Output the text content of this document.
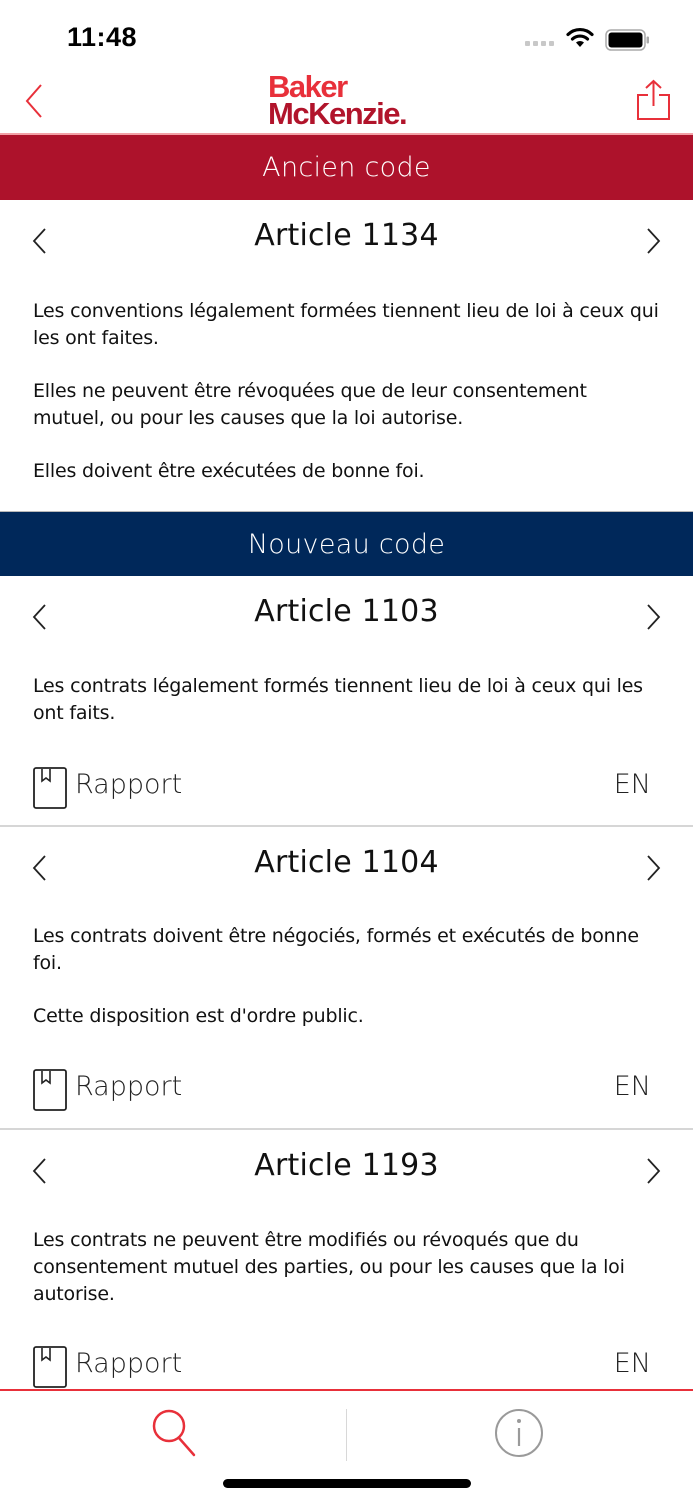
11:48
Baker
McKenzie.
Ancien code
Article 1134

Les conventions légalement formées tiennent lieu de loi à ceux qui les ont faites.

Elles ne peuvent être révoquées que de leur consentement mutuel, ou pour les causes que la loi autorise.

Elles doivent être exécutées de bonne foi.

Nouveau code
Article 1103

Les contrats légalement formés tiennent lieu de loi à ceux qui les ont faits.

Rapport	EN
Article 1104

Les contrats doivent être négociés, formés et exécutés de bonne foi.

Cette disposition est d'ordre public.

Rapport	EN
Article 1193

Les contrats ne peuvent être modifiés ou révoqués que du consentement mutuel des parties, ou pour les causes que la loi autorise.

Rapport	EN
